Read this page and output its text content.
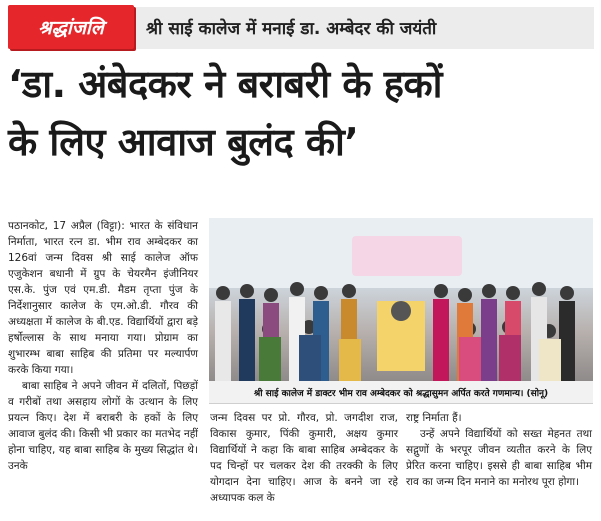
श्रद्धांजलि	श्री साई कालेज में मनाई डा. अम्बेदर की जयंती
‘डा. अंबेदकर ने बराबरी के हकों
के लिए आवाज बुलंद की’

पठानकोट, 17 अप्रैल (विट्टा): भारत के संविधान निर्माता, भारत रत्न डा. भीम राव अम्बेदकर का 126वां जन्म दिवस श्री साई कालेज ऑफ एजुकेशन बधानी में ग्रुप के चेयरमैन इंजीनियर एस.के. पुंज एवं एम.डी. मैडम तृप्ता पुंज के निर्देशानुसार कालेज के एम.ओ.डी. गौरव की अध्यक्षता में कालेज के बी.एड. विद्यार्थियों द्वारा बड़े हर्षोल्लास के साथ मनाया गया। प्रोग्राम का शुभारम्भ बाबा साहिब की प्रतिमा पर मल्यार्पण करके किया गया।

बाबा साहिब ने अपने जीवन में दलितों, पिछड़ों व गरीबों तथा असहाय लोगों के उत्थान के लिए प्रयत्न किए। देश में बराबरी के हकों के लिए आवाज बुलंद की। किसी भी प्रकार का मतभेद नहीं होना चाहिए, यह बाबा साहिब के मुख्य सिद्धांत थे। उनके

श्री साई कालेज में डाक्टर भीम राव अम्बेदकर को श्रद्धासुमन अर्पित करते गणमान्य। (सोनू)

जन्म दिवस पर प्रो. गौरव, प्रो. जगदीश राज, विकास कुमार, पिंकी कुमारी, अक्षय कुमार विद्यार्थियों ने कहा कि बाबा साहिब अम्बेदकर के पद चिन्हों पर चलकर देश की तरक्की के लिए योगदान देना चाहिए। आज के बनने जा रहे अध्यापक कल के

राष्ट्र निर्माता हैं।

उन्हें अपने विद्यार्थियों को सख्त मेहनत तथा सद्गुणों के भरपूर जीवन व्यतीत करने के लिए प्रेरित करना चाहिए। इससे ही बाबा साहिब भीम राव का जन्म दिन मनाने का मनोरथ पूरा होगा।
